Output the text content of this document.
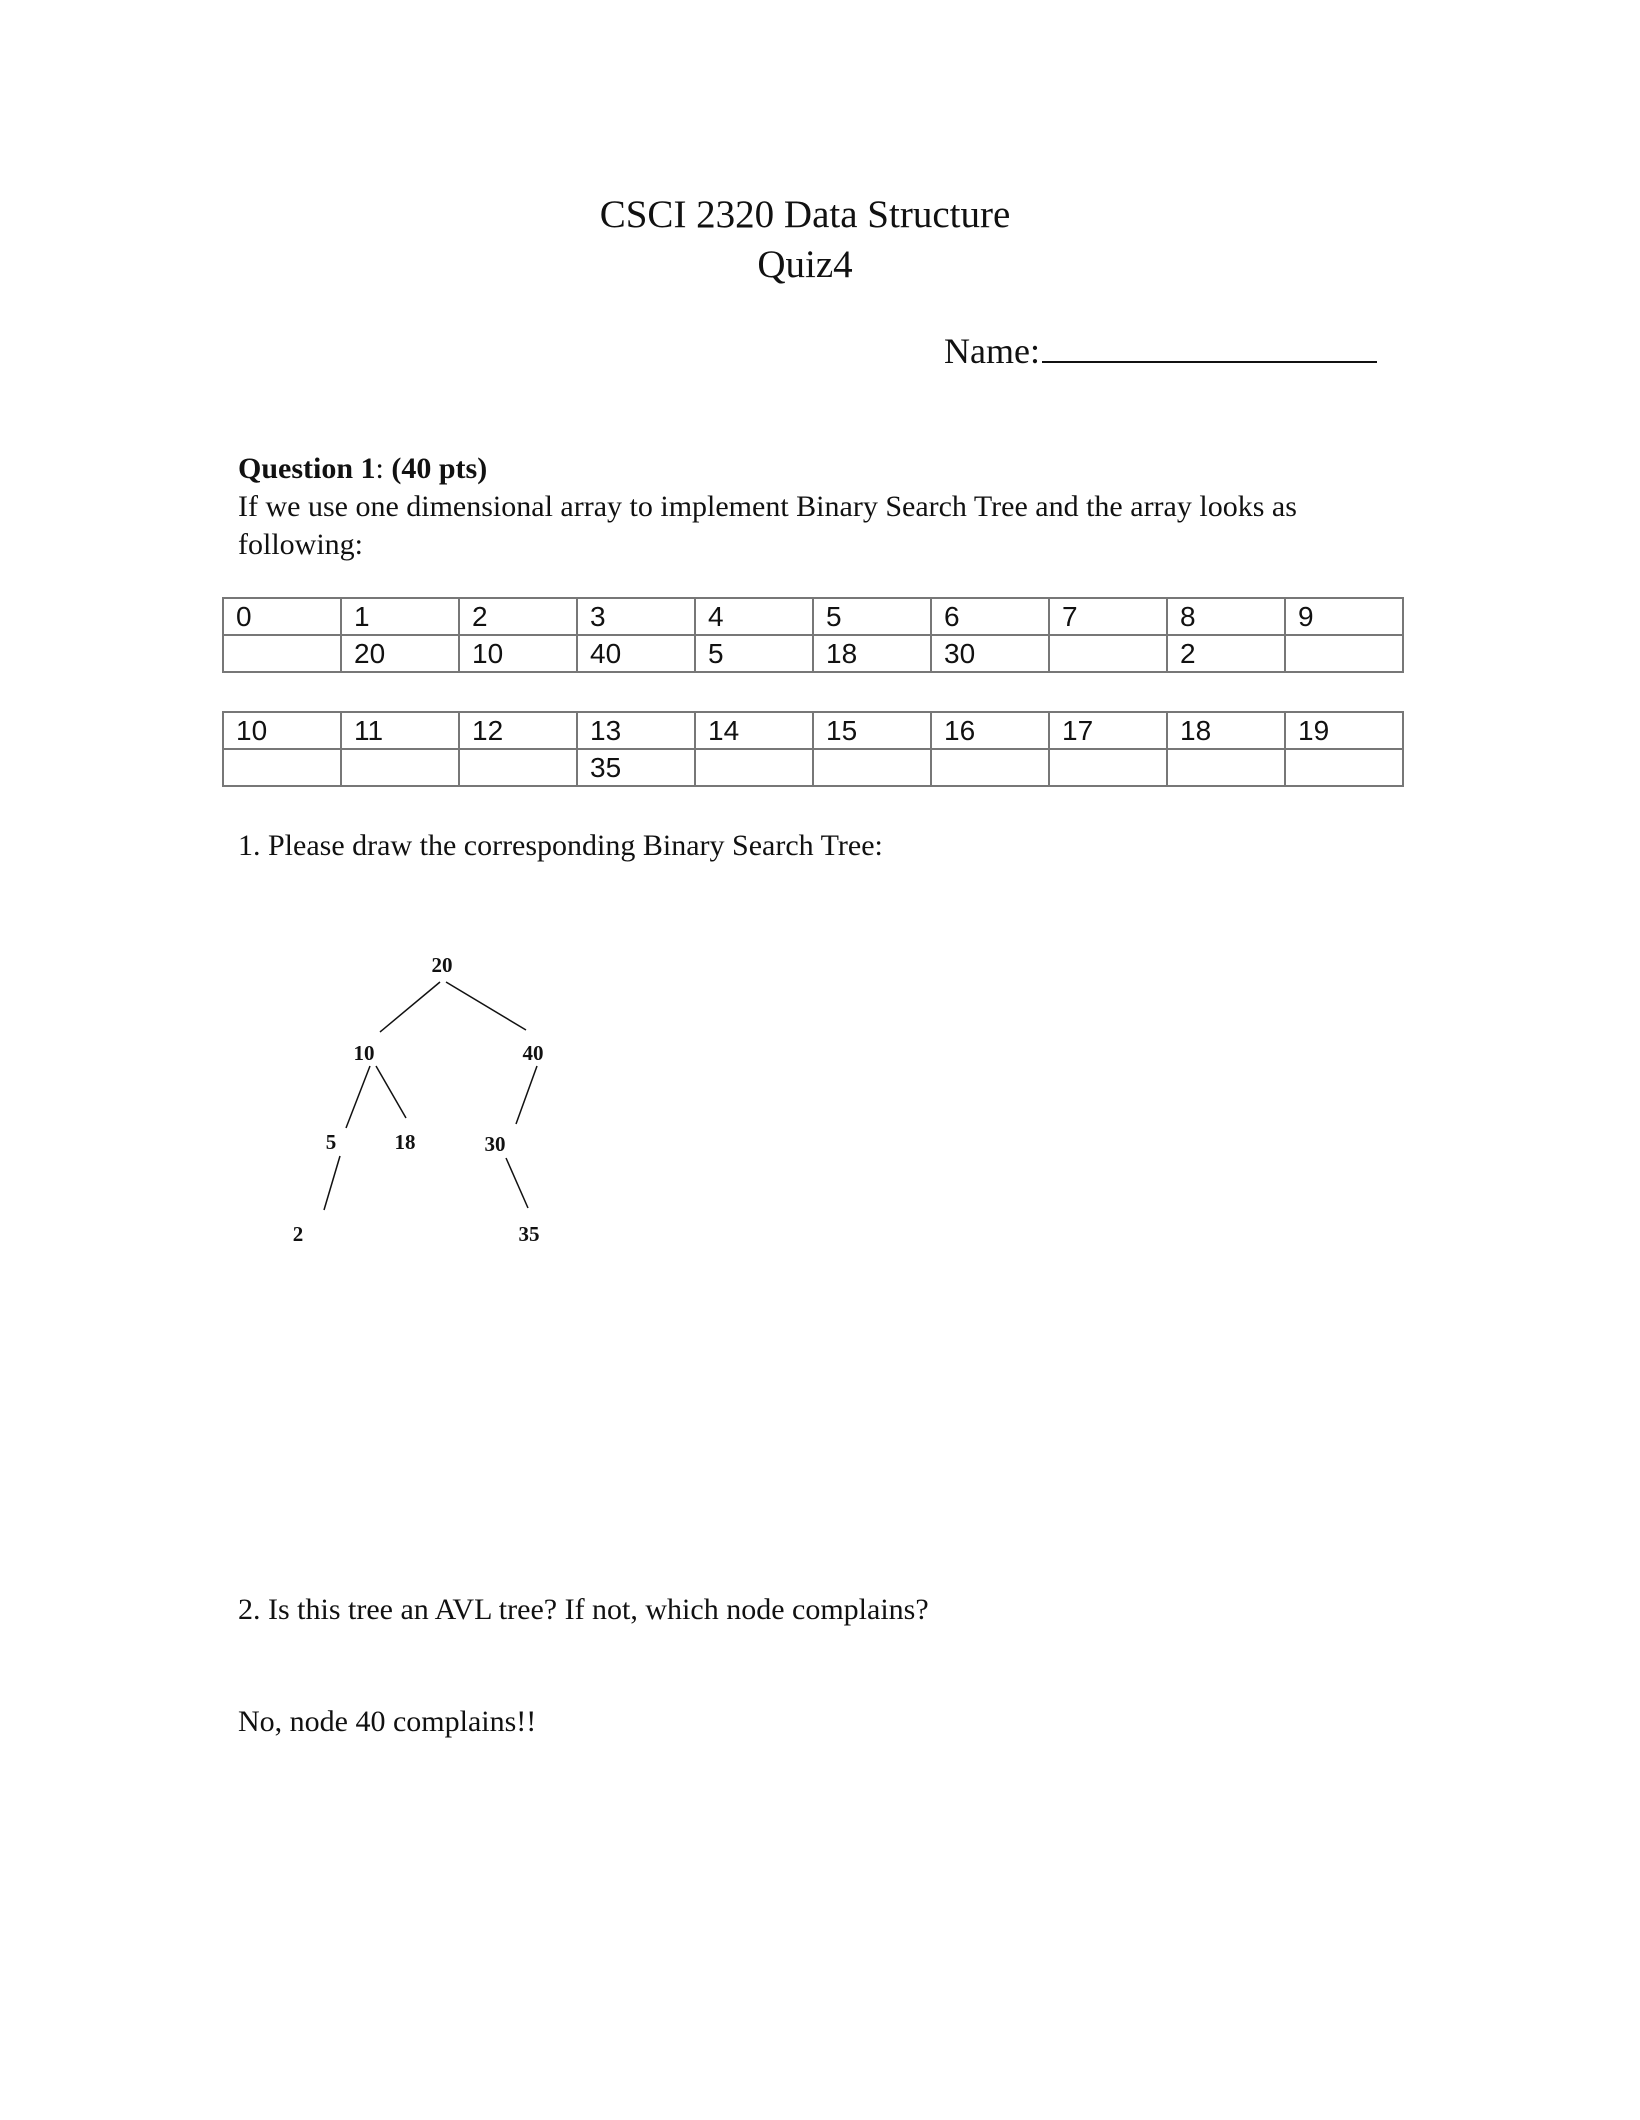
CSCI 2320 Data Structure
Quiz4
Name:
Question 1: (40 pts)
If we use one dimensional array to implement Binary Search Tree and the array looks as following:
0	1	2	3	4	5	6	7	8	9
	20	10	40	5	18	30		2	
10	11	12	13	14	15	16	17	18	19
			35						
1. Please draw the corresponding Binary Search Tree:
20
10	40
5	18	30
2	35
2. Is this tree an AVL tree? If not, which node complains?
No, node 40 complains!!
